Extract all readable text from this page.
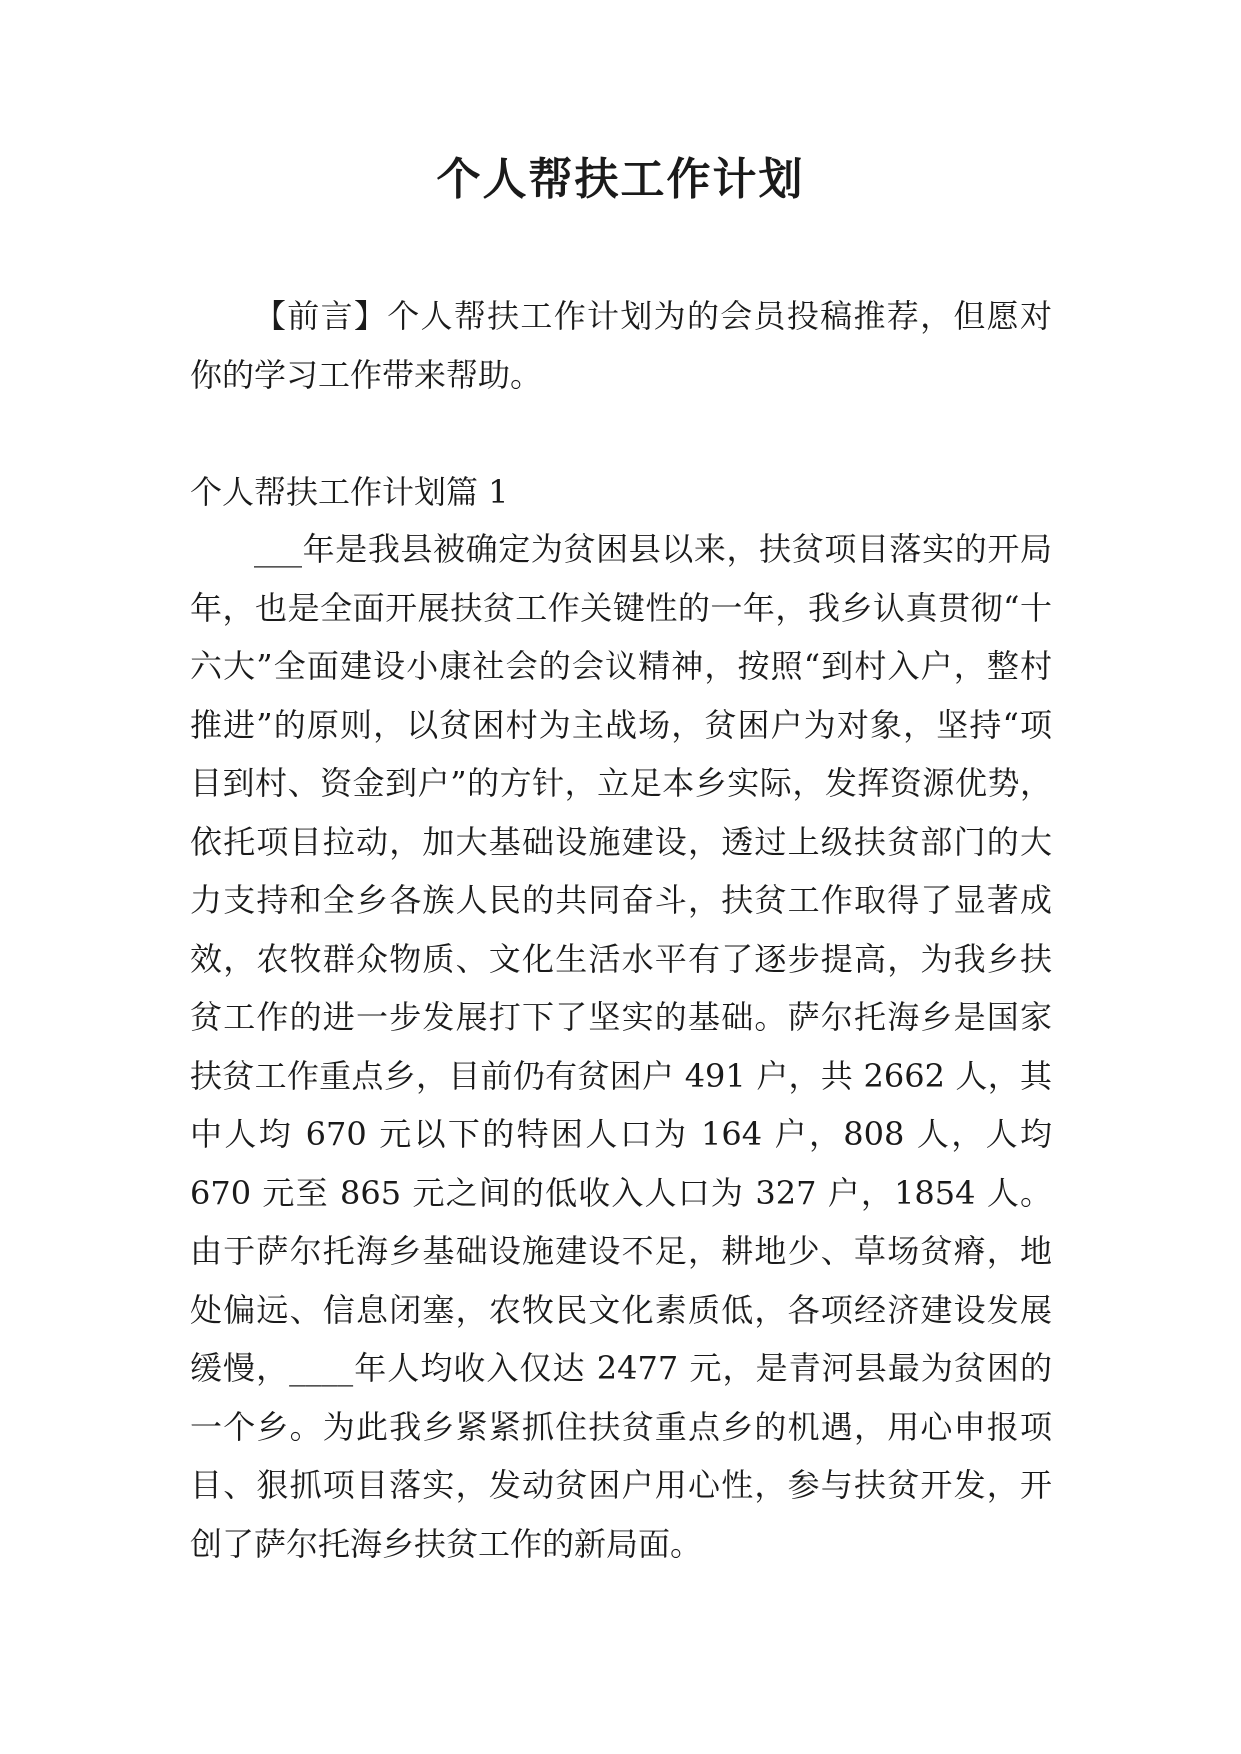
个人帮扶工作计划
【前言】个人帮扶工作计划为的会员投稿推荐，但愿对你的学习工作带来帮助。
个人帮扶工作计划篇 1
___年是我县被确定为贫困县以来，扶贫项目落实的开局年，也是全面开展扶贫工作关键性的一年，我乡认真贯彻“十六大”全面建设小康社会的会议精神，按照“到村入户，整村推进”的原则，以贫困村为主战场，贫困户为对象，坚持“项目到村、资金到户”的方针，立足本乡实际，发挥资源优势，依托项目拉动，加大基础设施建设，透过上级扶贫部门的大力支持和全乡各族人民的共同奋斗，扶贫工作取得了显著成效，农牧群众物质、文化生活水平有了逐步提高，为我乡扶贫工作的进一步发展打下了坚实的基础。萨尔托海乡是国家扶贫工作重点乡，目前仍有贫困户 491 户，共 2662 人，其中人均 670 元以下的特困人口为 164 户，808 人，人均 670 元至 865 元之间的低收入人口为 327 户，1854 人。由于萨尔托海乡基础设施建设不足，耕地少、草场贫瘠，地处偏远、信息闭塞，农牧民文化素质低，各项经济建设发展缓慢，____年人均收入仅达 2477 元，是青河县最为贫困的一个乡。为此我乡紧紧抓住扶贫重点乡的机遇，用心申报项目、狠抓项目落实，发动贫困户用心性，参与扶贫开发，开创了萨尔托海乡扶贫工作的新局面。
